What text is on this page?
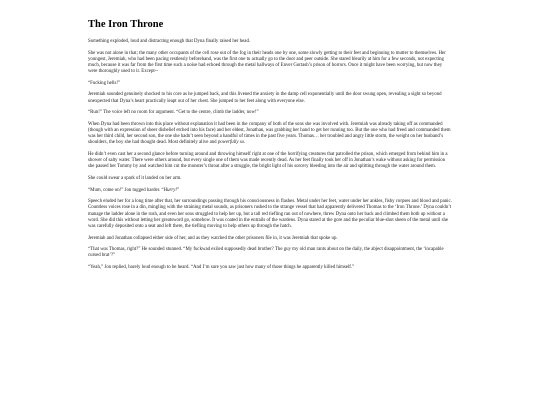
The Iron Throne

Something exploded, loud and distracting enough that Dyna finally raised her head.

She was not alone in that; the many other occupants of the cell rose out of the fog in their heads one by one, some slowly getting to their feet and beginning to mutter to themselves. Her youngest, Jeremiah, who had been pacing restlessly beforehand, was the first one to actually go to the door and peer outside. She stared blearily at him for a few seconds, not expecting much, because it was far from the first time such a noise had echoed through the metal hallways of Enver Gortash’s prison of horrors. Once it might have been worrying, but now they were thoroughly used to it. Except--

“Fucking hells!”

Jeremiah sounded genuinely shocked to his core as he jumped back, and this livened the anxiety in the damp cell exponentially until the door swung open, revealing a sight so beyond unexpected that Dyna’s heart practically leapt out of her chest. She jumped to her feet along with everyone else.

“Run!” The voice left no room for argument. “Get to the centre, climb the ladder, now!”

When Dyna had been thrown into this place without explanation it had been in the company of both of the sons she was involved with. Jeremiah was already taking off as commanded (though with an expression of sheer disbelief etched into his face) and her eldest, Jonathan, was grabbing her hand to get her running too. But the one who had freed and commanded them was her third child, her second son, the one she hadn’t seen beyond a handful of times in the past five years. Thomas… her troubled and angry little storm, the weight on her husband’s shoulders, the boy she had thought dead. Most definitely alive and powerfully so.

He didn’t even cast her a second glance before turning around and throwing himself right at one of the horrifying creatures that patrolled the prison, which emerged from behind him in a shower of salty water. There were others around, but every single one of them was made recently dead. As her feet finally took her off in Jonathan’s wake without asking for permission she passed her Tommy by and watched him cut the monster’s throat after a struggle, the bright light of his sorcery bleeding into the air and splitting through the water around them.

She could swear a spark of it landed on her arm.

“Mum, come on!” Jon tugged harder. “Hurry!”

Speech eluded her for a long time after that, her surroundings passing through his consciousness in flashes. Metal under her feet, water under her ankles, fishy corpses and blood and panic. Countless voices rose in a din, mingling with the straining metal sounds, as prisoners rushed to the strange vessel that had apparently delivered Thomas to the ‘Iron Throne.’ Dyna couldn’t manage the ladder alone in the rush, and even her sons struggled to help her up, but a tall red tiefling ran out of nowhere, threw Dyna onto her back and climbed them both up without a word. She did this without letting her greatsword go, somehow. It was coated in the entrails of the wardens. Dyna stared at the gore and the peculiar blue-shot sheen of the metal until she was carefully deposited onto a seat and left there, the tiefling moving to help others up through the hatch.

Jeremiah and Jonathan collapsed either side of her, and as they watched the other prisoners file in, it was Jeremiah that spoke up.

“That was Thomas, right?” He sounded stunned. “My fuckwad exiled supposedly dead brother? The guy my old man rants about on the daily, the abject disappointment, the ‘incapable cursed brat’?”

“Yeah,” Jon replied, barely loud enough to be heard. “And I’m sure you saw just how many of those things he apparently killed himself.”
